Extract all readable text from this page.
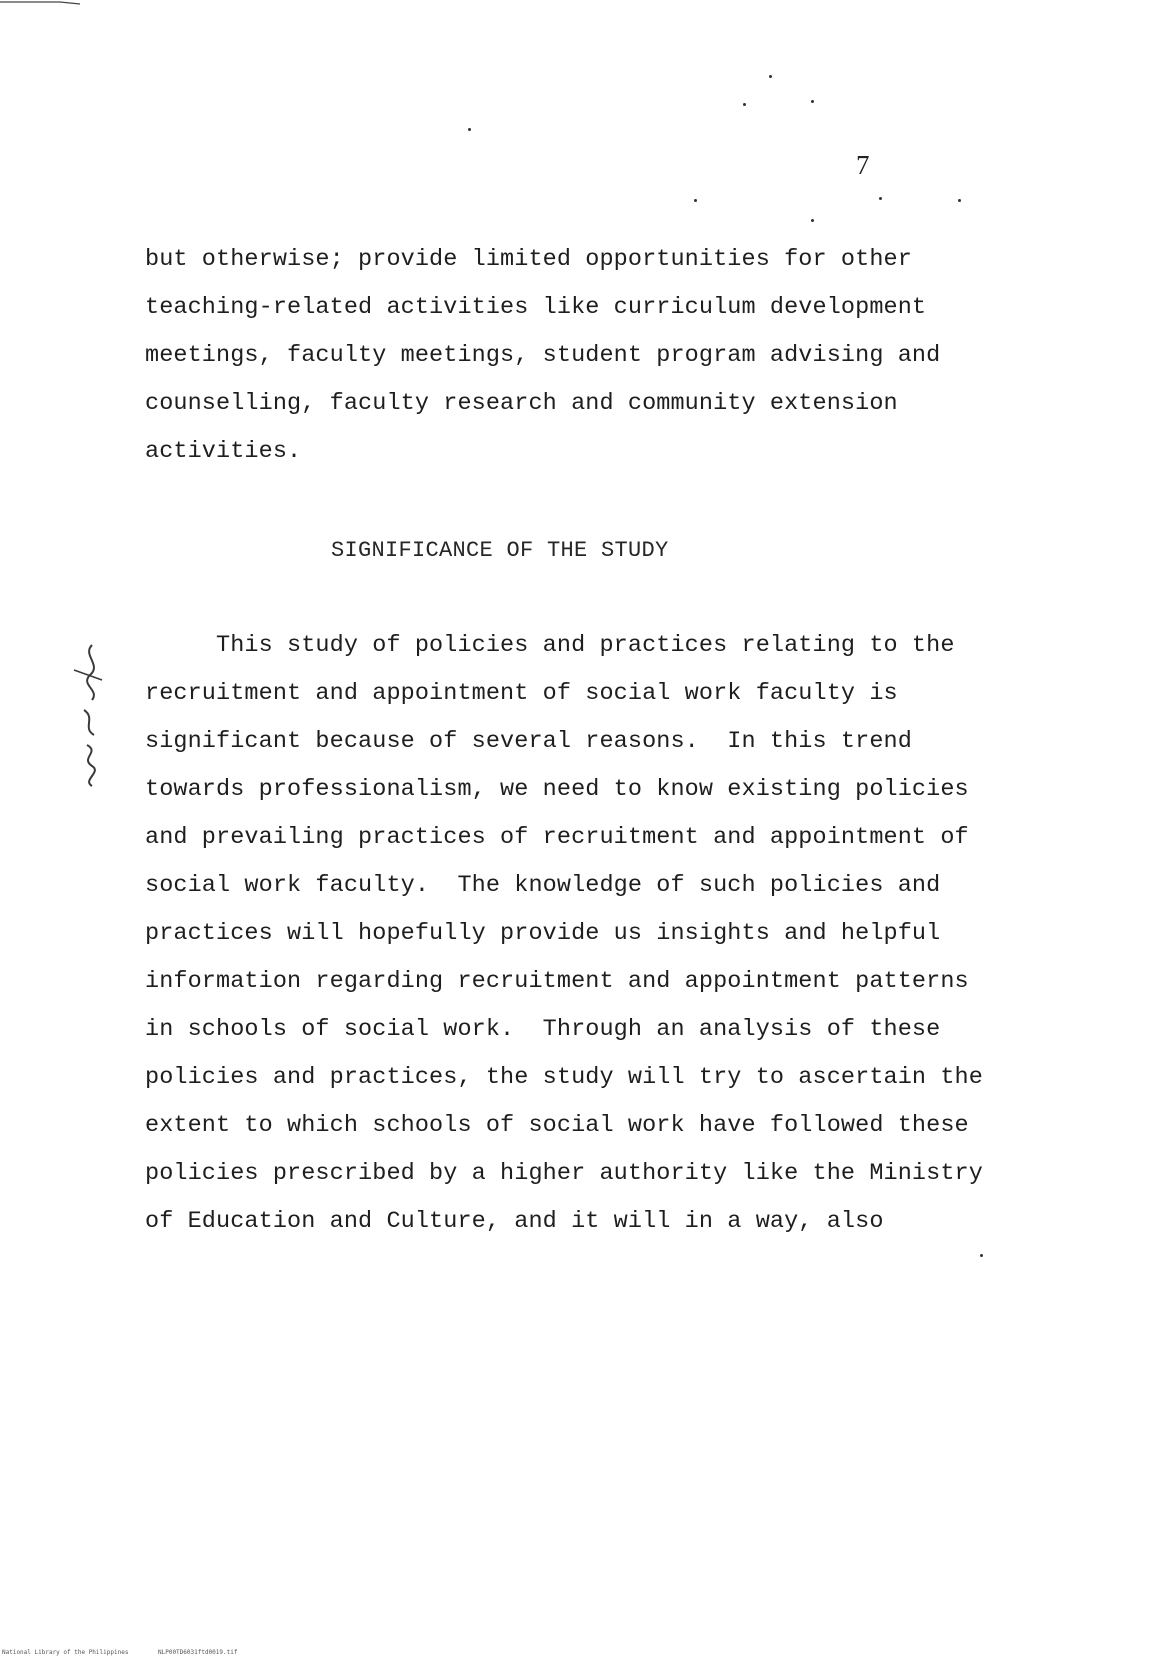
7
but otherwise; provide limited opportunities for other
teaching-related activities like curriculum development
meetings, faculty meetings, student program advising and
counselling, faculty research and community extension
activities.
SIGNIFICANCE OF THE STUDY
This study of policies and practices relating to the
recruitment and appointment of social work faculty is
significant because of several reasons.  In this trend
towards professionalism, we need to know existing policies
and prevailing practices of recruitment and appointment of
social work faculty.  The knowledge of such policies and
practices will hopefully provide us insights and helpful
information regarding recruitment and appointment patterns
in schools of social work.  Through an analysis of these
policies and practices, the study will try to ascertain the
extent to which schools of social work have followed these
policies prescribed by a higher authority like the Ministry
of Education and Culture, and it will in a way, also
National Library of the Philippines	NLP00TD6031ftd0019.tif
